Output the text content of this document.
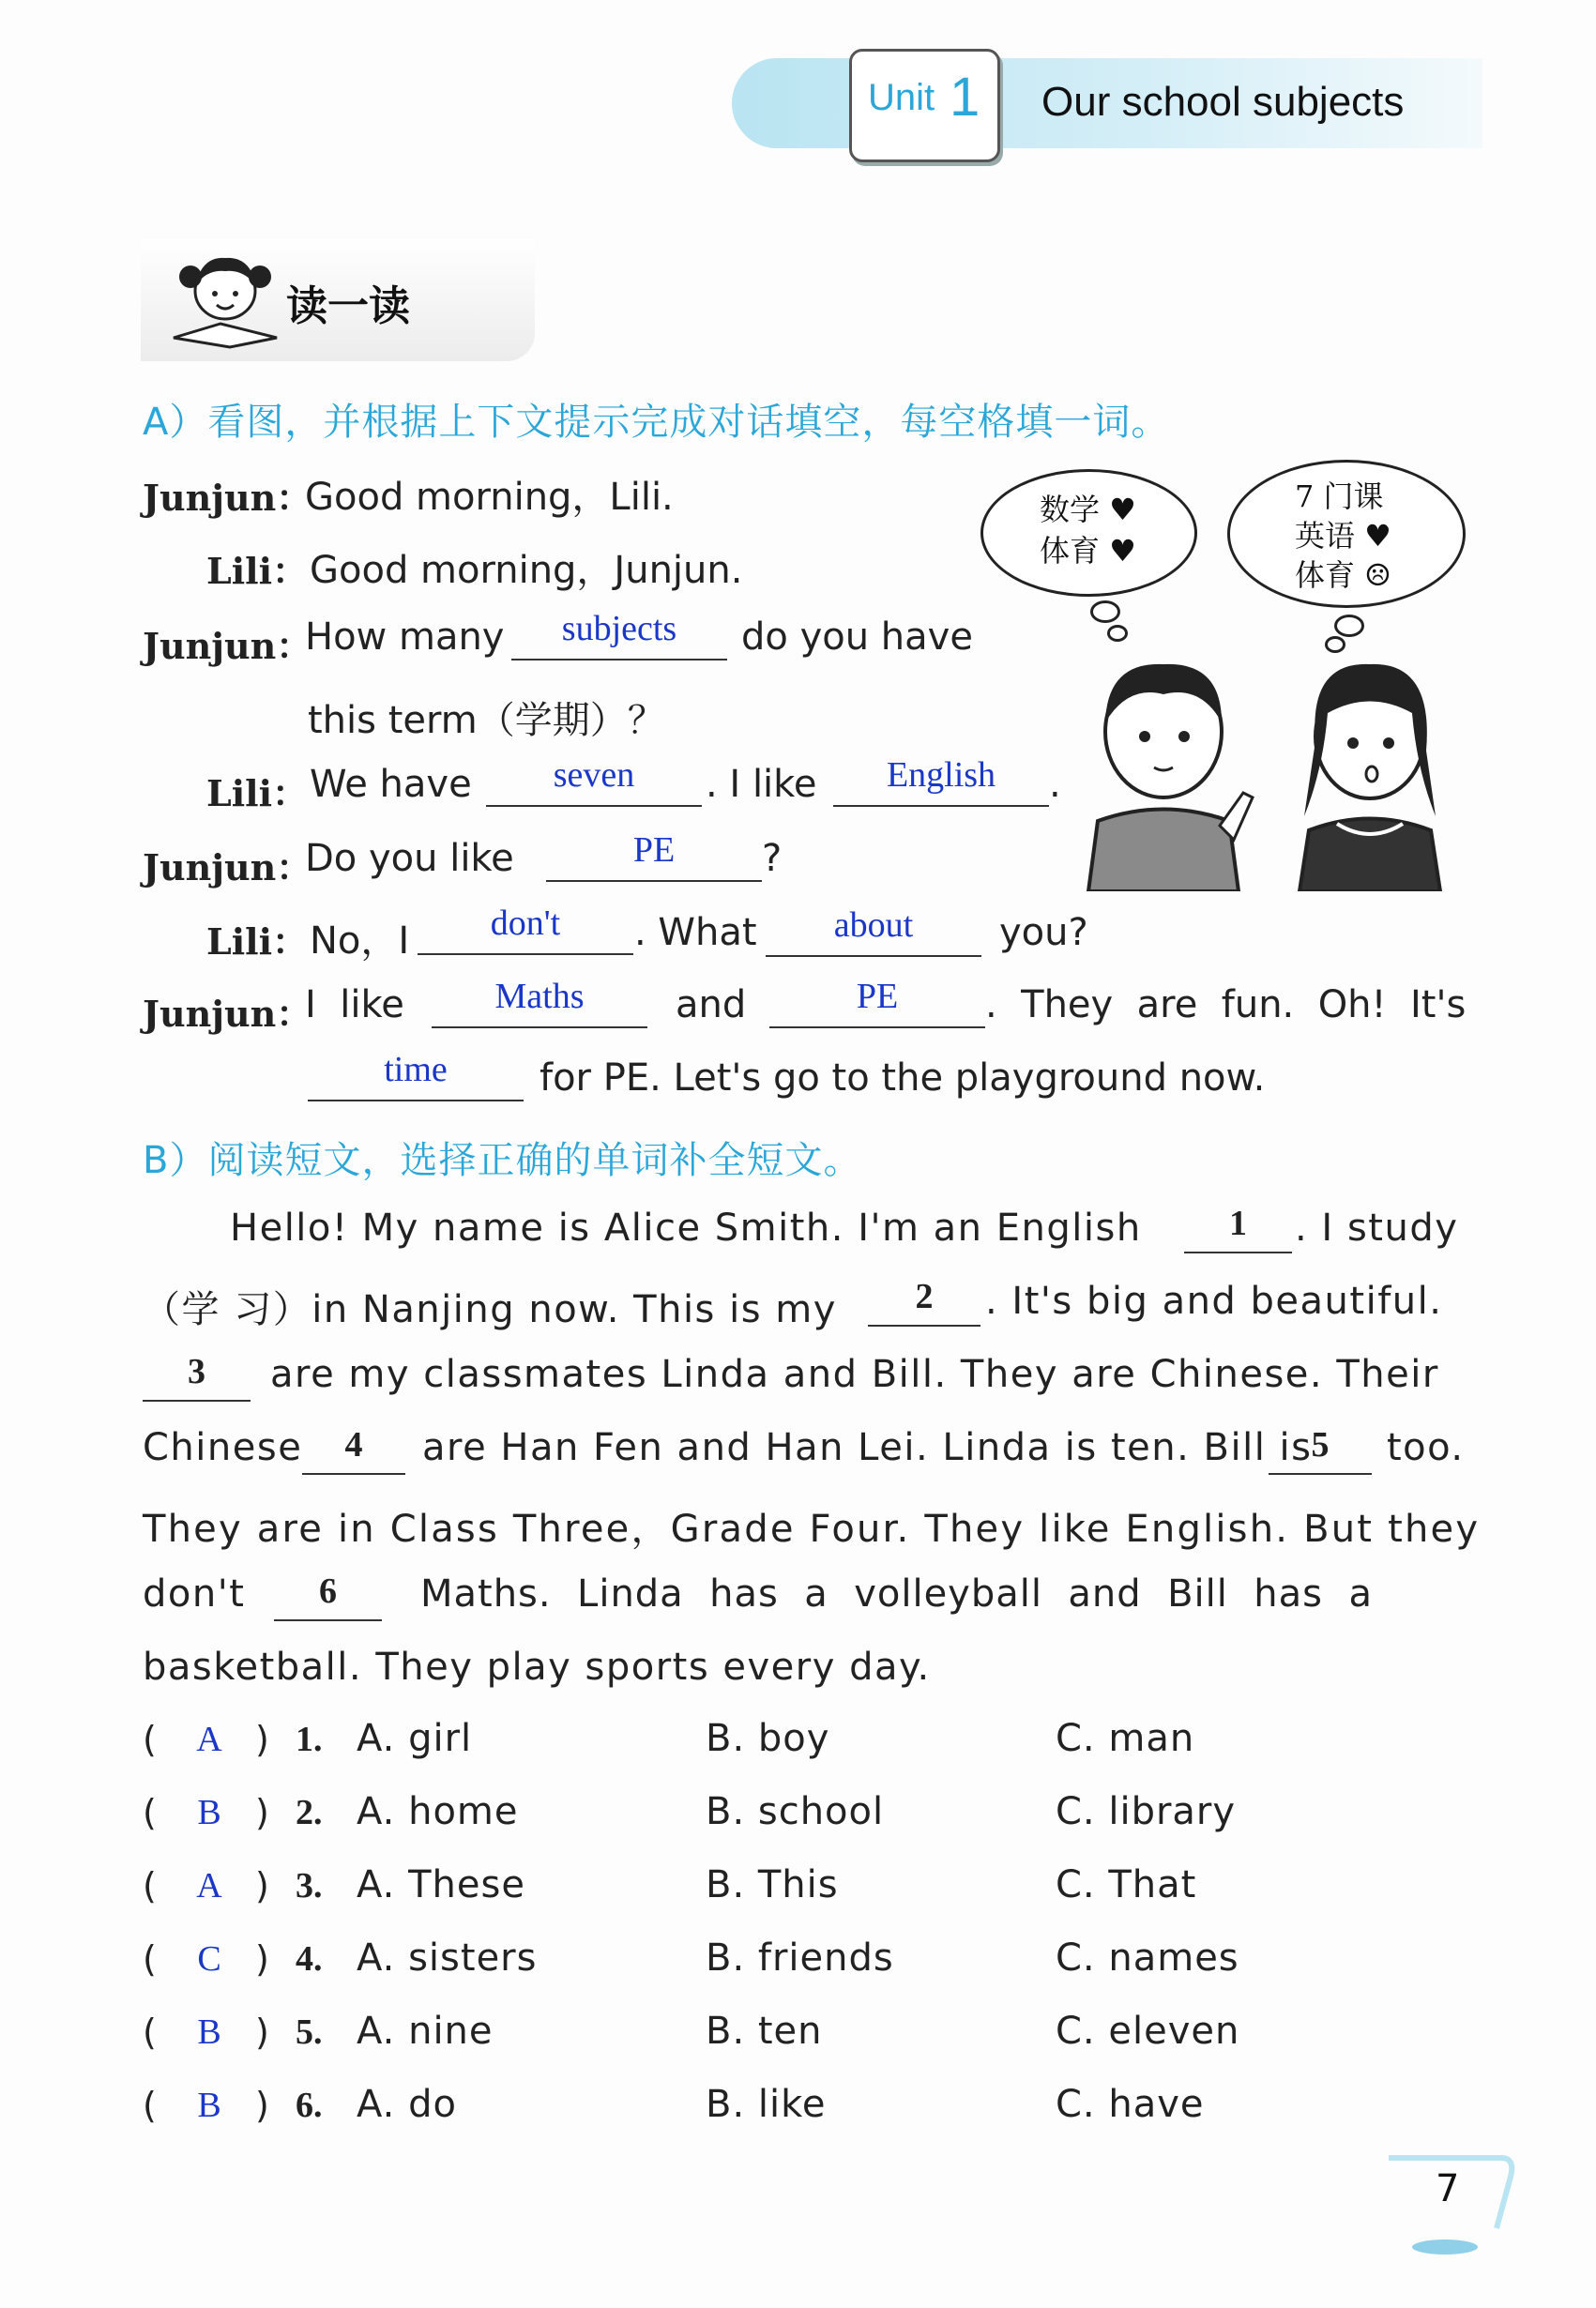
Unit 1 Our school subjects
读一读
A）看图，并根据上下文提示完成对话填空，每空格填一词。
数学 ♥
体育 ♥
7 门课
英语 ♥
体育 ☹
Junjun：
Good morning，Lili.
Lili： Good morning，Junjun.
Junjun：
How many	subjects	do you have
this term（学期）？
Lili： We have	seven	. I like	English	.
Junjun：
Do you like	PE	?
Lili： No，I	don't	. What	about	you?
Junjun：
I  like	Maths	and	PE	.  They  are  fun.  Oh!  It's
time	for PE. Let's go to the playground now.
B）阅读短文，选择正确的单词补全短文。
Hello! My name is Alice Smith. I'm an English	1	. I study
（学 习）in Nanjing now. This is my	2	. It's big and beautiful.
3	are my classmates Linda and Bill. They are Chinese. Their
Chinese	4	are Han Fen and Han Lei. Linda is ten. Bill is 5	too.
They are in Class Three，Grade Four. They like English. But they
don't	6	Maths.  Linda  has  a  volleyball  and  Bill  has  a
basketball. They play sports every day.
( A ) 1. A. girl	B. boy	C. man
( B ) 2. A. home	B. school	C. library
( A ) 3. A. These	B. This	C. That
( C ) 4. A. sisters	B. friends	C. names
( B ) 5. A. nine	B. ten	C. eleven
( B ) 6. A. do	B. like	C. have
7
